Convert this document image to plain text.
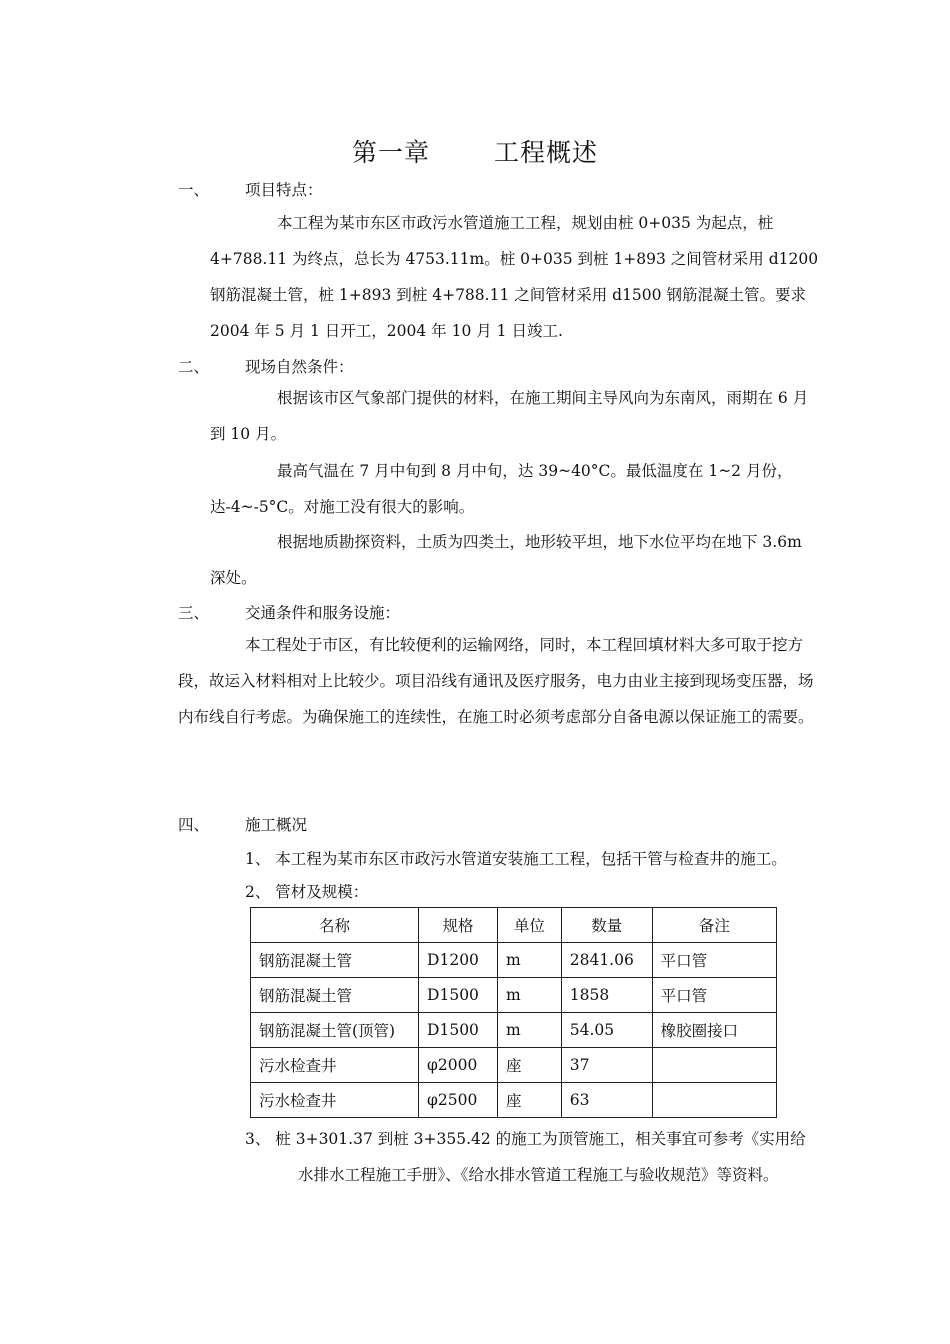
第一章	工程概述
一、 项目特点：
本工程为某市东区市政污水管道施工工程，规划由桩 0+035 为起点，桩 4+788.11 为终点，总长为 4753.11m。桩 0+035 到桩 1+893 之间管材采用 d1200 钢筋混凝土管，桩 1+893 到桩 4+788.11 之间管材采用 d1500 钢筋混凝土管。要求 2004 年 5 月 1 日开工，2004 年 10 月 1 日竣工.
二、 现场自然条件：
根据该市区气象部门提供的材料，在施工期间主导风向为东南风，雨期在 6 月到 10 月。
最高气温在 7 月中旬到 8 月中旬，达 39~40°C。最低温度在 1~2 月份，达-4~-5°C。对施工没有很大的影响。
根据地质勘探资料，土质为四类土，地形较平坦，地下水位平均在地下 3.6m 深处。
三、 交通条件和服务设施：
本工程处于市区，有比较便利的运输网络，同时，本工程回填材料大多可取于挖方段，故运入材料相对上比较少。项目沿线有通讯及医疗服务，电力由业主接到现场变压器，场内布线自行考虑。为确保施工的连续性，在施工时必须考虑部分自备电源以保证施工的需要。
四、 施工概况
1、 本工程为某市东区市政污水管道安装施工工程，包括干管与检查井的施工。
2、 管材及规模：
名称	规格	单位	数量	备注
钢筋混凝土管	D1200	m	2841.06	平口管
钢筋混凝土管	D1500	m	1858	平口管
钢筋混凝土管(顶管)	D1500	m	54.05	橡胶圈接口
污水检查井	φ2000	座	37	
污水检查井	φ2500	座	63	
3、 桩 3+301.37 到桩 3+355.42 的施工为顶管施工，相关事宜可参考《实用给
水排水工程施工手册》、《给水排水管道工程施工与验收规范》等资料。
